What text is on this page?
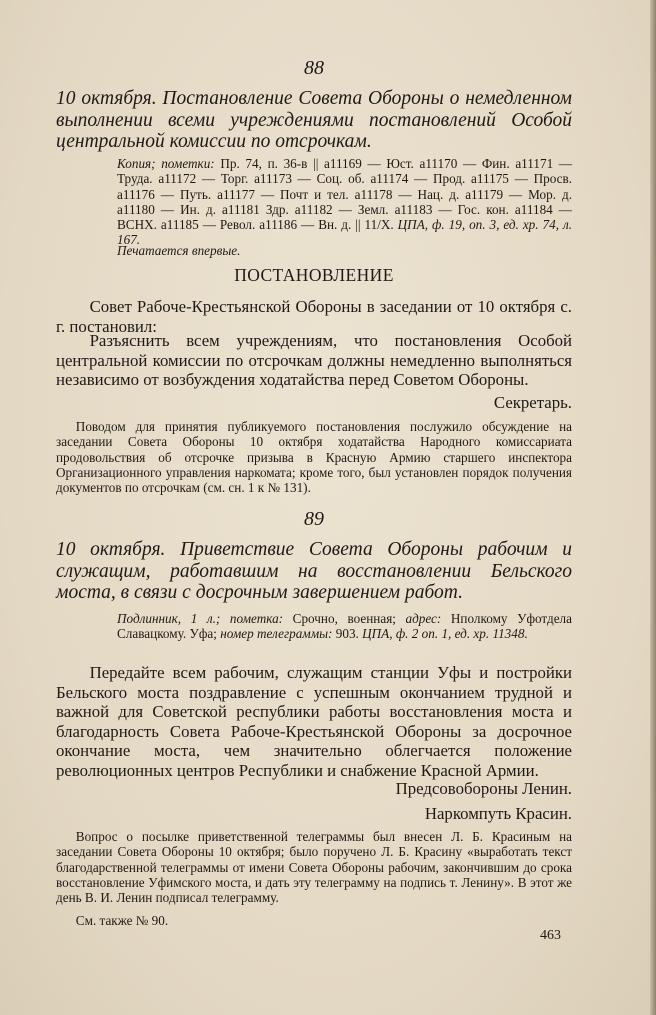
88

10 октября. Постановление Совета Обороны о немедленном выполнении всеми учреждениями постановлений Особой центральной комиссии по отсрочкам.

Копия; пометки: Пр. 74, п. 36-в || а11169 — Юст. а11170 — Фин. а11171 — Труда. а11172 — Торг. а11173 — Соц. об. а11174 — Прод. а11175 — Просв. а11176 — Путь. а11177 — Почт и тел. а11178 — Нац. д. а11179 — Мор. д. а11180 — Ин. д. а11181 Здр. а11182 — Земл. а11183 — Гос. кон. а11184 — ВСНХ. а11185 — Револ. а11186 — Вн. д. || 11/X. ЦПА, ф. 19, оп. 3, ед. хр. 74, л. 167.

Печатается впервые.

ПОСТАНОВЛЕНИЕ

Совет Рабоче-Крестьянской Обороны в заседании от 10 октября с. г. постановил:

Разъяснить всем учреждениям, что постановления Особой центральной комиссии по отсрочкам должны немедленно выполняться независимо от возбуждения ходатайства перед Советом Обороны.

Секретарь.

Поводом для принятия публикуемого постановления послужило обсуждение на заседании Совета Обороны 10 октября ходатайства Народного комиссариата продовольствия об отсрочке призыва в Красную Армию старшего инспектора Организационного управления наркомата; кроме того, был установлен порядок получения документов по отсрочкам (см. сн. 1 к № 131).

89

10 октября. Приветствие Совета Обороны рабочим и служащим, работавшим на восстановлении Бельского моста, в связи с досрочным завершением работ.

Подлинник, 1 л.; пометка: Срочно, военная; адрес: Нполкому Уфотдела Славацкому. Уфа; номер телеграммы: 903. ЦПА, ф. 2 оп. 1, ед. хр. 11348.

Передайте всем рабочим, служащим станции Уфы и постройки Бельского моста поздравление с успешным окончанием трудной и важной для Советской республики работы восстановления моста и благодарность Совета Рабоче-Крестьянской Обороны за досрочное окончание моста, чем значительно облегчается положение революционных центров Республики и снабжение Красной Армии.

Предсовобороны Ленин.
Наркомпуть Красин.

Вопрос о посылке приветственной телеграммы был внесен Л. Б. Красиным на заседании Совета Обороны 10 октября; было поручено Л. Б. Красину «выработать текст благодарственной телеграммы от имени Совета Обороны рабочим, закончившим до срока восстановление Уфимского моста, и дать эту телеграмму на подпись т. Ленину». В этот же день В. И. Ленин подписал телеграмму.

См. также № 90.

463
